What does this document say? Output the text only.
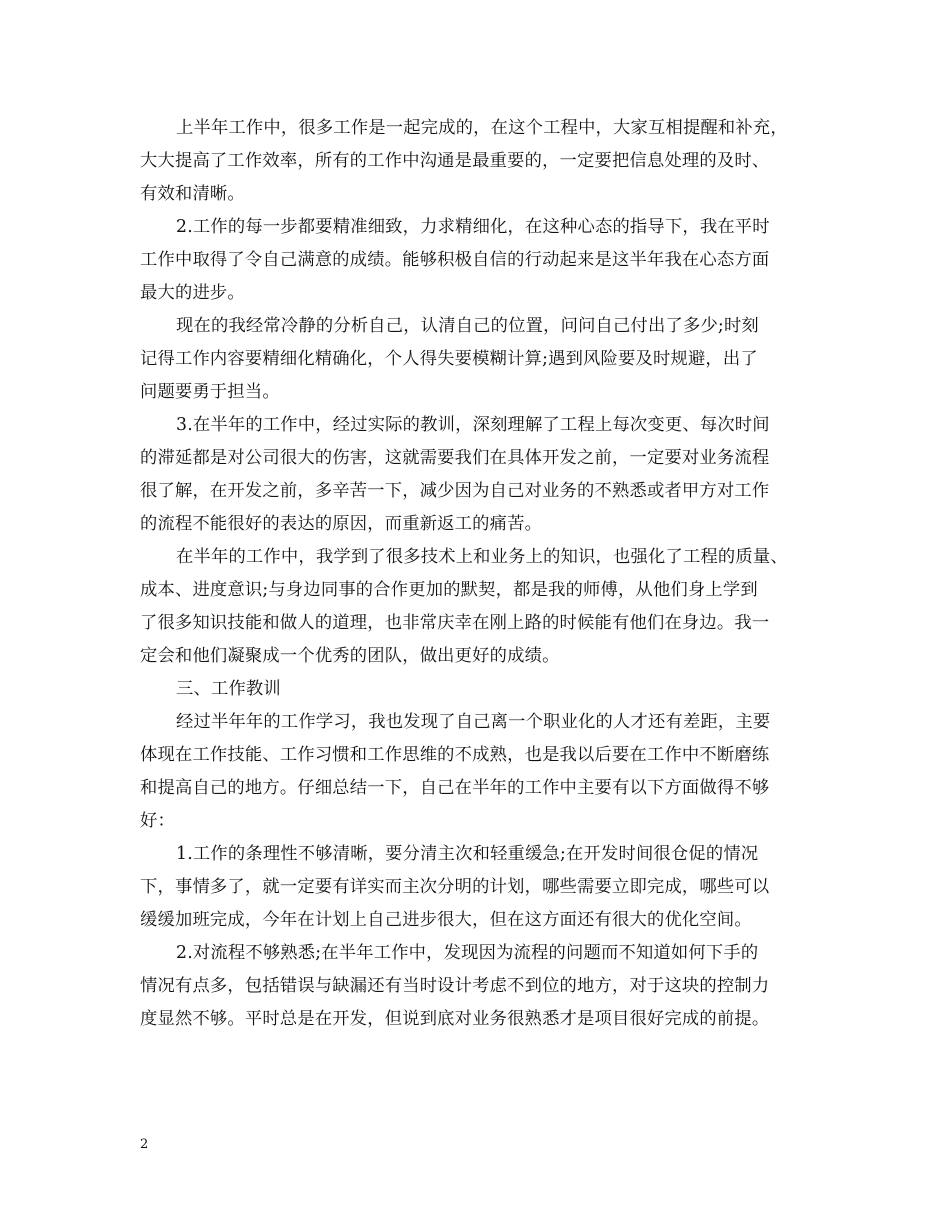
上半年工作中，很多工作是一起完成的，在这个工程中，大家互相提醒和补充，
大大提高了工作效率，所有的工作中沟通是最重要的，一定要把信息处理的及时、
有效和清晰。
2.工作的每一步都要精准细致，力求精细化，在这种心态的指导下，我在平时
工作中取得了令自己满意的成绩。能够积极自信的行动起来是这半年我在心态方面
最大的进步。
现在的我经常冷静的分析自己，认清自己的位置，问问自己付出了多少;时刻
记得工作内容要精细化精确化，个人得失要模糊计算;遇到风险要及时规避，出了
问题要勇于担当。
3.在半年的工作中，经过实际的教训，深刻理解了工程上每次变更、每次时间
的滞延都是对公司很大的伤害，这就需要我们在具体开发之前，一定要对业务流程
很了解，在开发之前，多辛苦一下，减少因为自己对业务的不熟悉或者甲方对工作
的流程不能很好的表达的原因，而重新返工的痛苦。
在半年的工作中，我学到了很多技术上和业务上的知识，也强化了工程的质量、
成本、进度意识;与身边同事的合作更加的默契，都是我的师傅，从他们身上学到
了很多知识技能和做人的道理，也非常庆幸在刚上路的时候能有他们在身边。我一
定会和他们凝聚成一个优秀的团队，做出更好的成绩。
三、工作教训
经过半年年的工作学习，我也发现了自己离一个职业化的人才还有差距，主要
体现在工作技能、工作习惯和工作思维的不成熟，也是我以后要在工作中不断磨练
和提高自己的地方。仔细总结一下，自己在半年的工作中主要有以下方面做得不够
好：
1.工作的条理性不够清晰，要分清主次和轻重缓急;在开发时间很仓促的情况
下，事情多了，就一定要有详实而主次分明的计划，哪些需要立即完成，哪些可以
缓缓加班完成，今年在计划上自己进步很大，但在这方面还有很大的优化空间。
2.对流程不够熟悉;在半年工作中，发现因为流程的问题而不知道如何下手的
情况有点多，包括错误与缺漏还有当时设计考虑不到位的地方，对于这块的控制力
度显然不够。平时总是在开发，但说到底对业务很熟悉才是项目很好完成的前提。
2
